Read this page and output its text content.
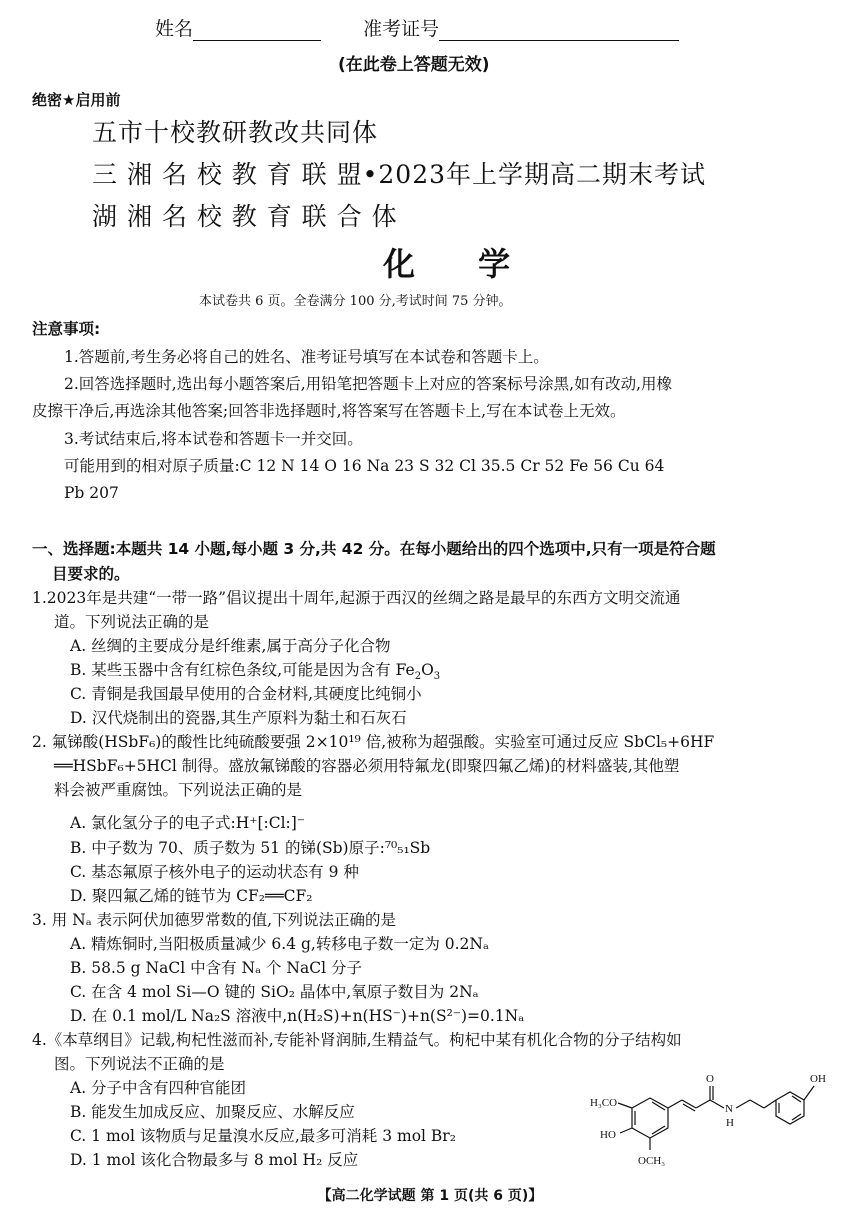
姓名	准考证号
(在此卷上答题无效)
绝密★启用前
五市十校教研教改共同体
三 湘 名 校 教 育 联 盟•2023年上学期高二期末考试
湖 湘 名 校 教 育 联 合 体
化 学
本试卷共 6 页。全卷满分 100 分,考试时间 75 分钟。
注意事项:
1.答题前,考生务必将自己的姓名、准考证号填写在本试卷和答题卡上。
2.回答选择题时,选出每小题答案后,用铅笔把答题卡上对应的答案标号涂黑,如有改动,用橡
皮擦干净后,再选涂其他答案;回答非选择题时,将答案写在答题卡上,写在本试卷上无效。
3.考试结束后,将本试卷和答题卡一并交回。
可能用到的相对原子质量:C 12 N 14 O 16 Na 23 S 32 Cl 35.5 Cr 52 Fe 56 Cu 64
Pb 207
一、选择题:本题共 14 小题,每小题 3 分,共 42 分。在每小题给出的四个选项中,只有一项是符合题
目要求的。
1.2023年是共建“一带一路”倡议提出十周年,起源于西汉的丝绸之路是最早的东西方文明交流通
道。下列说法正确的是
A. 丝绸的主要成分是纤维素,属于高分子化合物
B. 某些玉器中含有红棕色条纹,可能是因为含有 $Fe_2O_3$
C. 青铜是我国最早使用的合金材料,其硬度比纯铜小
D. 汉代烧制出的瓷器,其生产原料为黏土和石灰石
2. 氟锑酸(HSbF₆)的酸性比纯硫酸要强 2×10¹⁹ 倍,被称为超强酸。实验室可通过反应 SbCl₅+6HF
══HSbF₆+5HCl 制得。盛放氟锑酸的容器必须用特氟龙(即聚四氟乙烯)的材料盛装,其他塑
料会被严重腐蚀。下列说法正确的是
A. 氯化氢分子的电子式:H⁺[:Cl:]⁻
B. 中子数为 70、质子数为 51 的锑(Sb)原子:⁷⁰₅₁Sb
C. 基态氟原子核外电子的运动状态有 9 种
D. 聚四氟乙烯的链节为 CF₂══CF₂
3. 用 Nₐ 表示阿伏加德罗常数的值,下列说法正确的是
A. 精炼铜时,当阳极质量减少 6.4 g,转移电子数一定为 0.2Nₐ
B. 58.5 g NaCl 中含有 Nₐ 个 NaCl 分子
C. 在含 4 mol Si—O 键的 SiO₂ 晶体中,氧原子数目为 2Nₐ
D. 在 0.1 mol/L Na₂S 溶液中,n(H₂S)+n(HS⁻)+n(S²⁻)=0.1Nₐ
4.《本草纲目》记载,枸杞性滋而补,专能补肾润肺,生精益气。枸杞中某有机化合物的分子结构如
图。下列说法不正确的是
A. 分子中含有四种官能团
B. 能发生加成反应、加聚反应、水解反应
C. 1 mol 该物质与足量溴水反应,最多可消耗 3 mol Br₂
D. 1 mol 该化合物最多与 8 mol H₂ 反应
O
N
H
OH
H₃CO
HO
OCH₃
【高二化学试题 第 1 页(共 6 页)】
